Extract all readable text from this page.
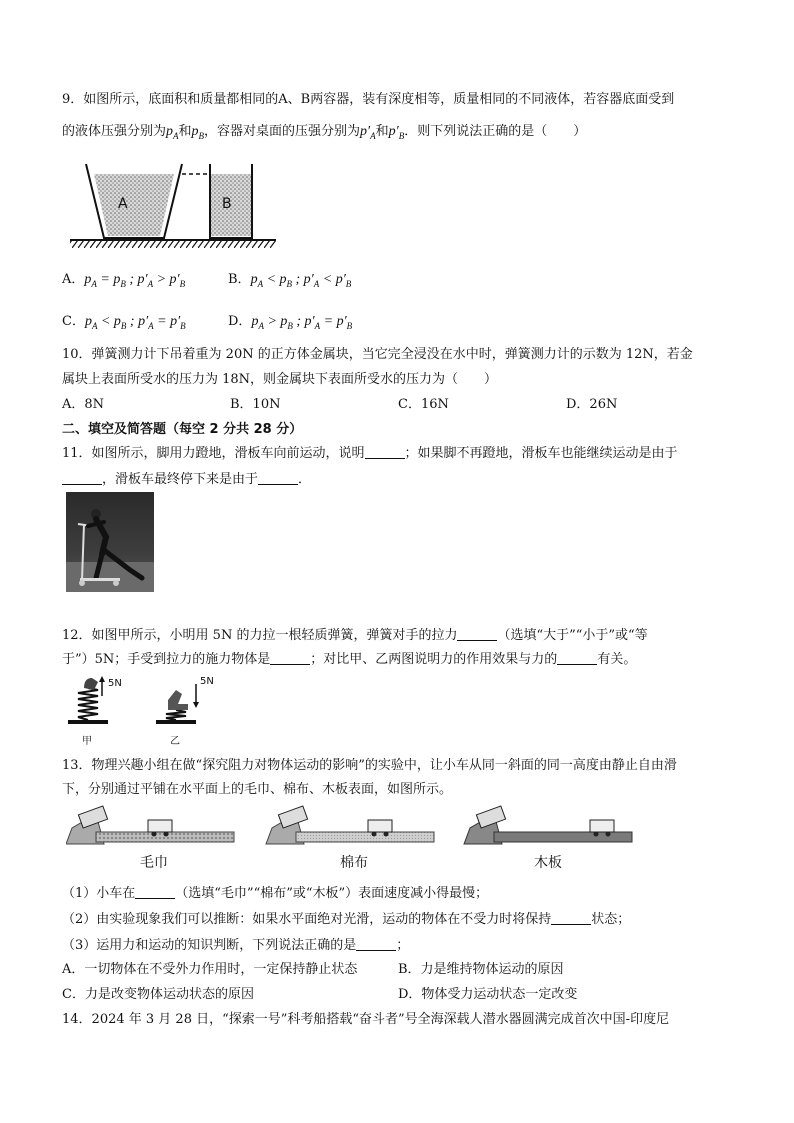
9．如图所示，底面积和质量都相同的A、B两容器，装有深度相等，质量相同的不同液体，若容器底面受到
的液体压强分别为$p_A$和$p_B$，容器对桌面的压强分别为$p'_A$和$p'_B$．则下列说法正确的是（　　）
A	B
A．$p_A = p_B$ ; $p'_A > p'_B$	B．$p_A < p_B$ ; $p'_A < p'_B$
C．$p_A < p_B$ ; $p'_A = p'_B$	D．$p_A > p_B$ ; $p'_A = p'_B$
10．弹簧测力计下吊着重为 20N 的正方体金属块，当它完全浸没在水中时，弹簧测力计的示数为 12N，若金
属块上表面所受水的压力为 18N，则金属块下表面所受水的压力为（　　）
A．8N	B．10N	C．16N	D．26N
二、填空及简答题（每空 2 分共 28 分）
11．如图所示，脚用力蹬地，滑板车向前运动，说明	；如果脚不再蹬地，滑板车也能继续运动是由于
，滑板车最终停下来是由于	．
12．如图甲所示，小明用 5N 的力拉一根轻质弹簧，弹簧对手的拉力	（选填“大于”“小于”或“等
于”）5N；手受到拉力的施力物体是	；对比甲、乙两图说明力的作用效果与力的	有关。
5N	5N
甲	乙
13．物理兴趣小组在做“探究阻力对物体运动的影响”的实验中，让小车从同一斜面的同一高度由静止自由滑
下，分别通过平铺在水平面上的毛巾、棉布、木板表面，如图所示。
毛巾	棉布	木板
（1）小车在	（选填“毛巾”“棉布”或“木板”）表面速度减小得最慢；
（2）由实验现象我们可以推断：如果水平面绝对光滑，运动的物体在不受力时将保持	状态；
（3）运用力和运动的知识判断，下列说法正确的是	；
A．一切物体在不受外力作用时，一定保持静止状态	B．力是维持物体运动的原因
C．力是改变物体运动状态的原因	D．物体受力运动状态一定改变
14．2024 年 3 月 28 日，“探索一号”科考船搭载“奋斗者”号全海深载人潜水器圆满完成首次中国-印度尼
